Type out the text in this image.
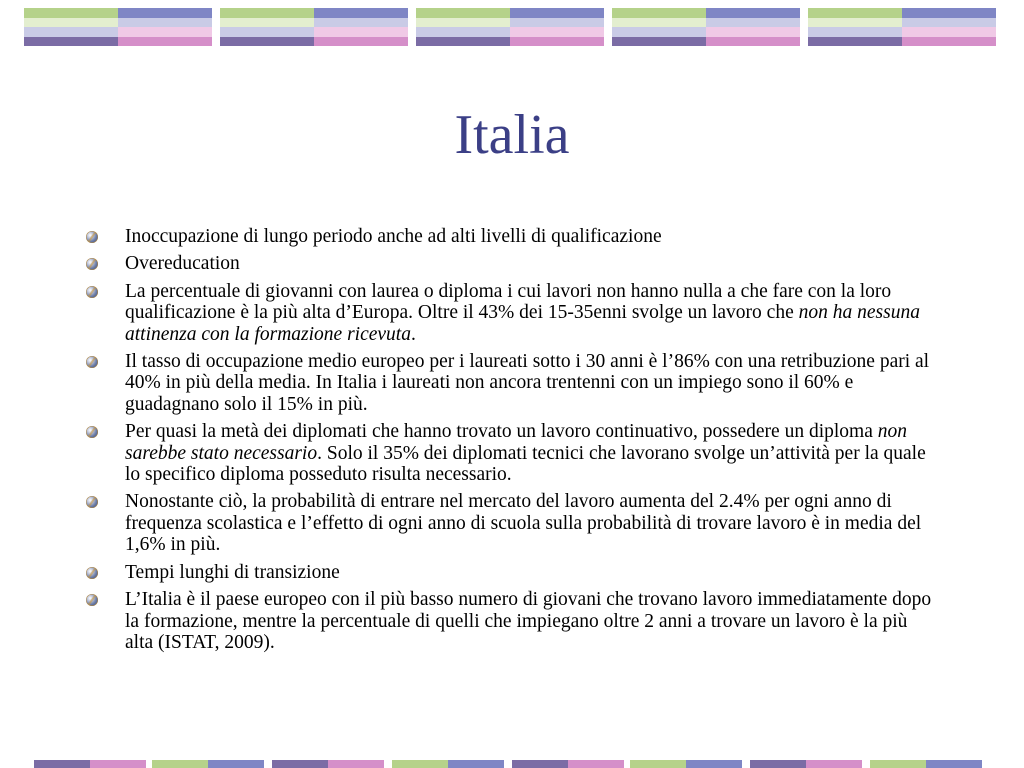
Italia
Inoccupazione di lungo periodo anche ad alti livelli di qualificazione
Overeducation
La percentuale di giovanni con laurea o diploma i cui lavori non hanno nulla a che fare con la loro qualificazione è la più alta d’Europa. Oltre il 43% dei 15-35enni svolge un lavoro che non ha nessuna attinenza con la formazione ricevuta.
Il tasso di occupazione medio europeo per i laureati sotto i 30 anni è l’86% con una retribuzione pari al 40% in più della media. In Italia i laureati non ancora trentenni con un impiego sono il 60% e guadagnano solo il 15% in più.
Per quasi la metà dei diplomati che hanno trovato un lavoro continuativo, possedere un diploma non sarebbe stato necessario. Solo il 35% dei diplomati tecnici che lavorano svolge un’attività per la quale lo specifico diploma posseduto risulta necessario.
Nonostante ciò, la probabilità di entrare nel mercato del lavoro aumenta del 2.4% per ogni anno di frequenza scolastica e l’effetto di ogni anno di scuola sulla probabilità di trovare lavoro è in media del 1,6% in più.
Tempi lunghi di transizione
L’Italia è il paese europeo con il più basso numero di giovani che trovano lavoro immediatamente dopo la formazione, mentre la percentuale di quelli che impiegano oltre 2 anni a trovare un lavoro è la più alta (ISTAT, 2009).
